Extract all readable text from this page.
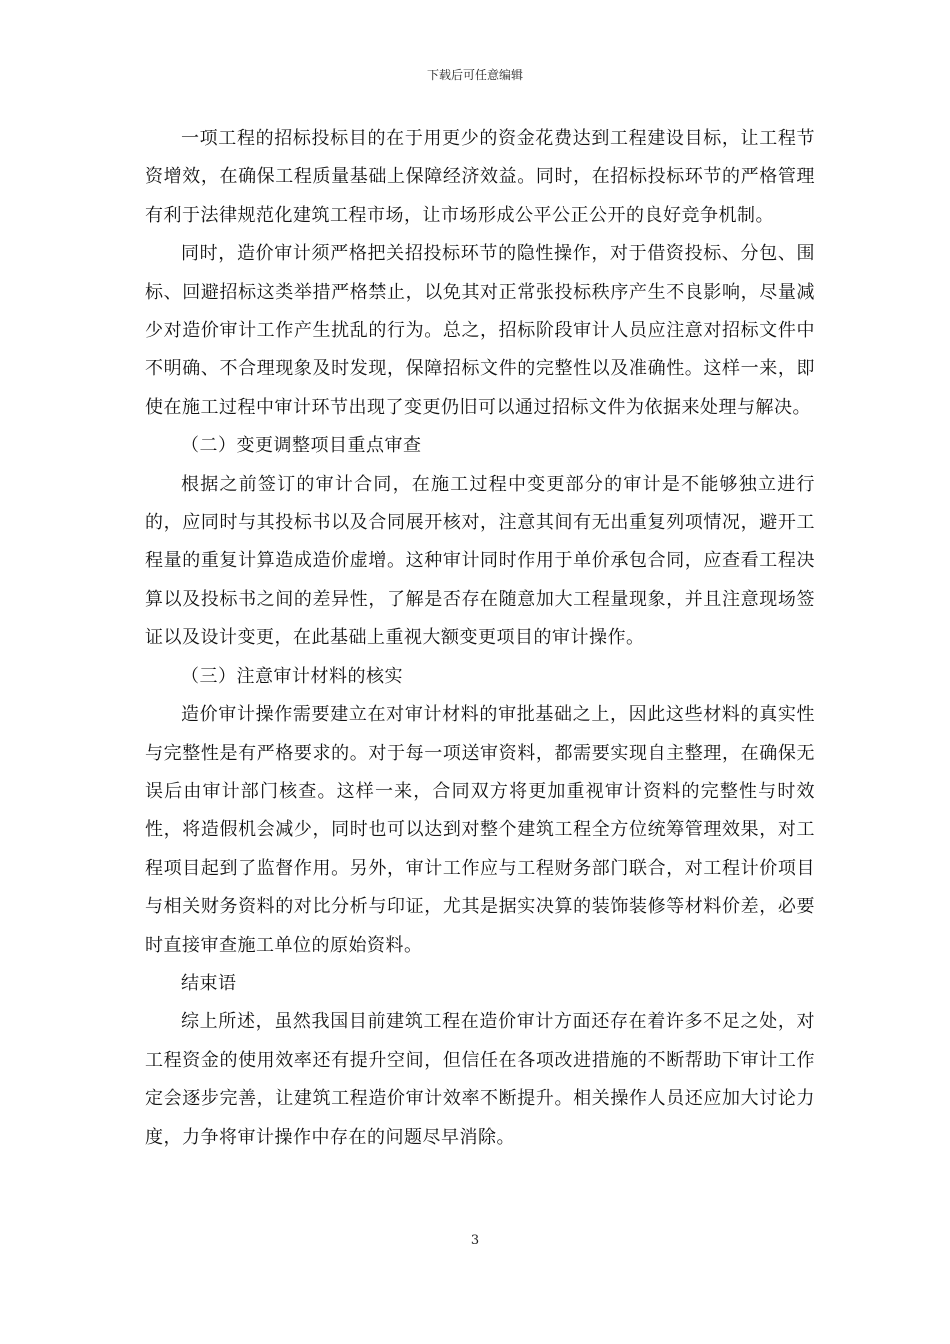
下载后可任意编辑

一项工程的招标投标目的在于用更少的资金花费达到工程建设目标，让工程节资增效，在确保工程质量基础上保障经济效益。同时，在招标投标环节的严格管理有利于法律规范化建筑工程市场，让市场形成公平公正公开的良好竞争机制。

同时，造价审计须严格把关招投标环节的隐性操作，对于借资投标、分包、围标、回避招标这类举措严格禁止，以免其对正常张投标秩序产生不良影响，尽量减少对造价审计工作产生扰乱的行为。总之，招标阶段审计人员应注意对招标文件中不明确、不合理现象及时发现，保障招标文件的完整性以及准确性。这样一来，即使在施工过程中审计环节出现了变更仍旧可以通过招标文件为依据来处理与解决。

（二）变更调整项目重点审查

根据之前签订的审计合同，在施工过程中变更部分的审计是不能够独立进行的，应同时与其投标书以及合同展开核对，注意其间有无出重复列项情况，避开工程量的重复计算造成造价虚增。这种审计同时作用于单价承包合同，应查看工程决算以及投标书之间的差异性，了解是否存在随意加大工程量现象，并且注意现场签证以及设计变更，在此基础上重视大额变更项目的审计操作。

（三）注意审计材料的核实

造价审计操作需要建立在对审计材料的审批基础之上，因此这些材料的真实性与完整性是有严格要求的。对于每一项送审资料，都需要实现自主整理，在确保无误后由审计部门核查。这样一来，合同双方将更加重视审计资料的完整性与时效性，将造假机会减少，同时也可以达到对整个建筑工程全方位统筹管理效果，对工程项目起到了监督作用。另外，审计工作应与工程财务部门联合，对工程计价项目与相关财务资料的对比分析与印证，尤其是据实决算的装饰装修等材料价差，必要时直接审查施工单位的原始资料。

结束语

综上所述，虽然我国目前建筑工程在造价审计方面还存在着许多不足之处，对工程资金的使用效率还有提升空间，但信任在各项改进措施的不断帮助下审计工作定会逐步完善，让建筑工程造价审计效率不断提升。相关操作人员还应加大讨论力度，力争将审计操作中存在的问题尽早消除。

3
